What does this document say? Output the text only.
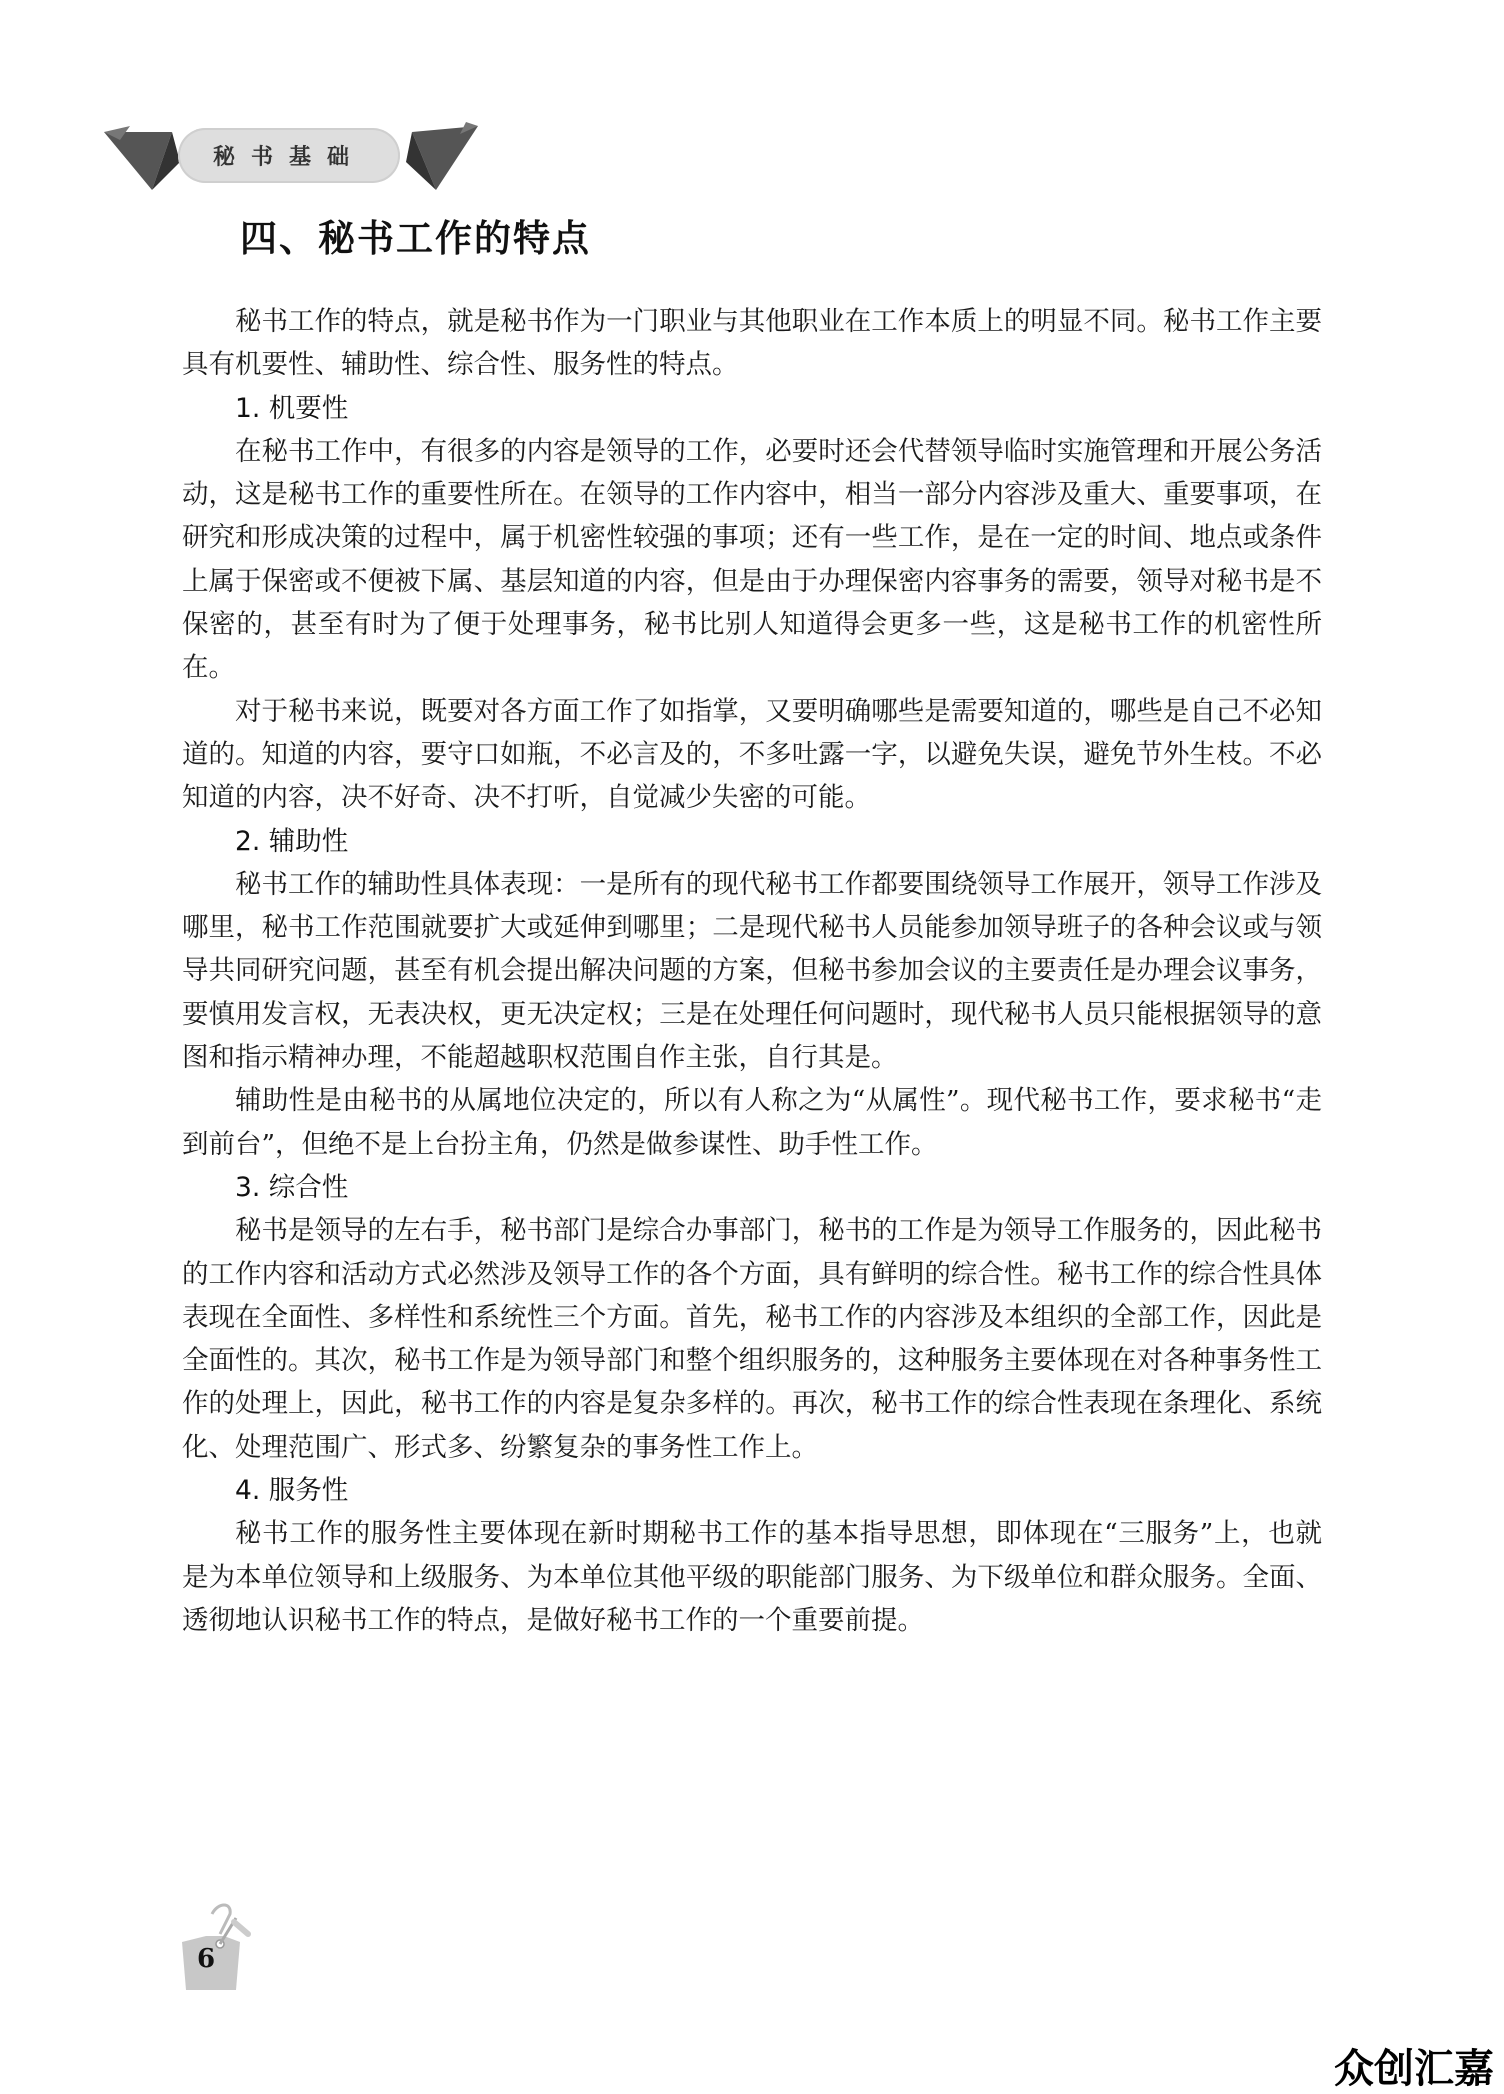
秘书基础
四、秘书工作的特点

秘书工作的特点，就是秘书作为一门职业与其他职业在工作本质上的明显不同。秘书工作主要具有机要性、辅助性、综合性、服务性的特点。

1. 机要性

在秘书工作中，有很多的内容是领导的工作，必要时还会代替领导临时实施管理和开展公务活动，这是秘书工作的重要性所在。在领导的工作内容中，相当一部分内容涉及重大、重要事项，在研究和形成决策的过程中，属于机密性较强的事项；还有一些工作，是在一定的时间、地点或条件上属于保密或不便被下属、基层知道的内容，但是由于办理保密内容事务的需要，领导对秘书是不保密的，甚至有时为了便于处理事务，秘书比别人知道得会更多一些，这是秘书工作的机密性所在。

对于秘书来说，既要对各方面工作了如指掌，又要明确哪些是需要知道的，哪些是自己不必知道的。知道的内容，要守口如瓶，不必言及的，不多吐露一字，以避免失误，避免节外生枝。不必知道的内容，决不好奇、决不打听，自觉减少失密的可能。

2. 辅助性

秘书工作的辅助性具体表现：一是所有的现代秘书工作都要围绕领导工作展开，领导工作涉及哪里，秘书工作范围就要扩大或延伸到哪里；二是现代秘书人员能参加领导班子的各种会议或与领导共同研究问题，甚至有机会提出解决问题的方案，但秘书参加会议的主要责任是办理会议事务，要慎用发言权，无表决权，更无决定权；三是在处理任何问题时，现代秘书人员只能根据领导的意图和指示精神办理，不能超越职权范围自作主张，自行其是。

辅助性是由秘书的从属地位决定的，所以有人称之为“从属性”。现代秘书工作，要求秘书“走到前台”，但绝不是上台扮主角，仍然是做参谋性、助手性工作。

3. 综合性

秘书是领导的左右手，秘书部门是综合办事部门，秘书的工作是为领导工作服务的，因此秘书的工作内容和活动方式必然涉及领导工作的各个方面，具有鲜明的综合性。秘书工作的综合性具体表现在全面性、多样性和系统性三个方面。首先，秘书工作的内容涉及本组织的全部工作，因此是全面性的。其次，秘书工作是为领导部门和整个组织服务的，这种服务主要体现在对各种事务性工作的处理上，因此，秘书工作的内容是复杂多样的。再次，秘书工作的综合性表现在条理化、系统化、处理范围广、形式多、纷繁复杂的事务性工作上。

4. 服务性

秘书工作的服务性主要体现在新时期秘书工作的基本指导思想，即体现在“三服务”上，也就是为本单位领导和上级服务、为本单位其他平级的职能部门服务、为下级单位和群众服务。全面、透彻地认识秘书工作的特点，是做好秘书工作的一个重要前提。

6
众创汇嘉
